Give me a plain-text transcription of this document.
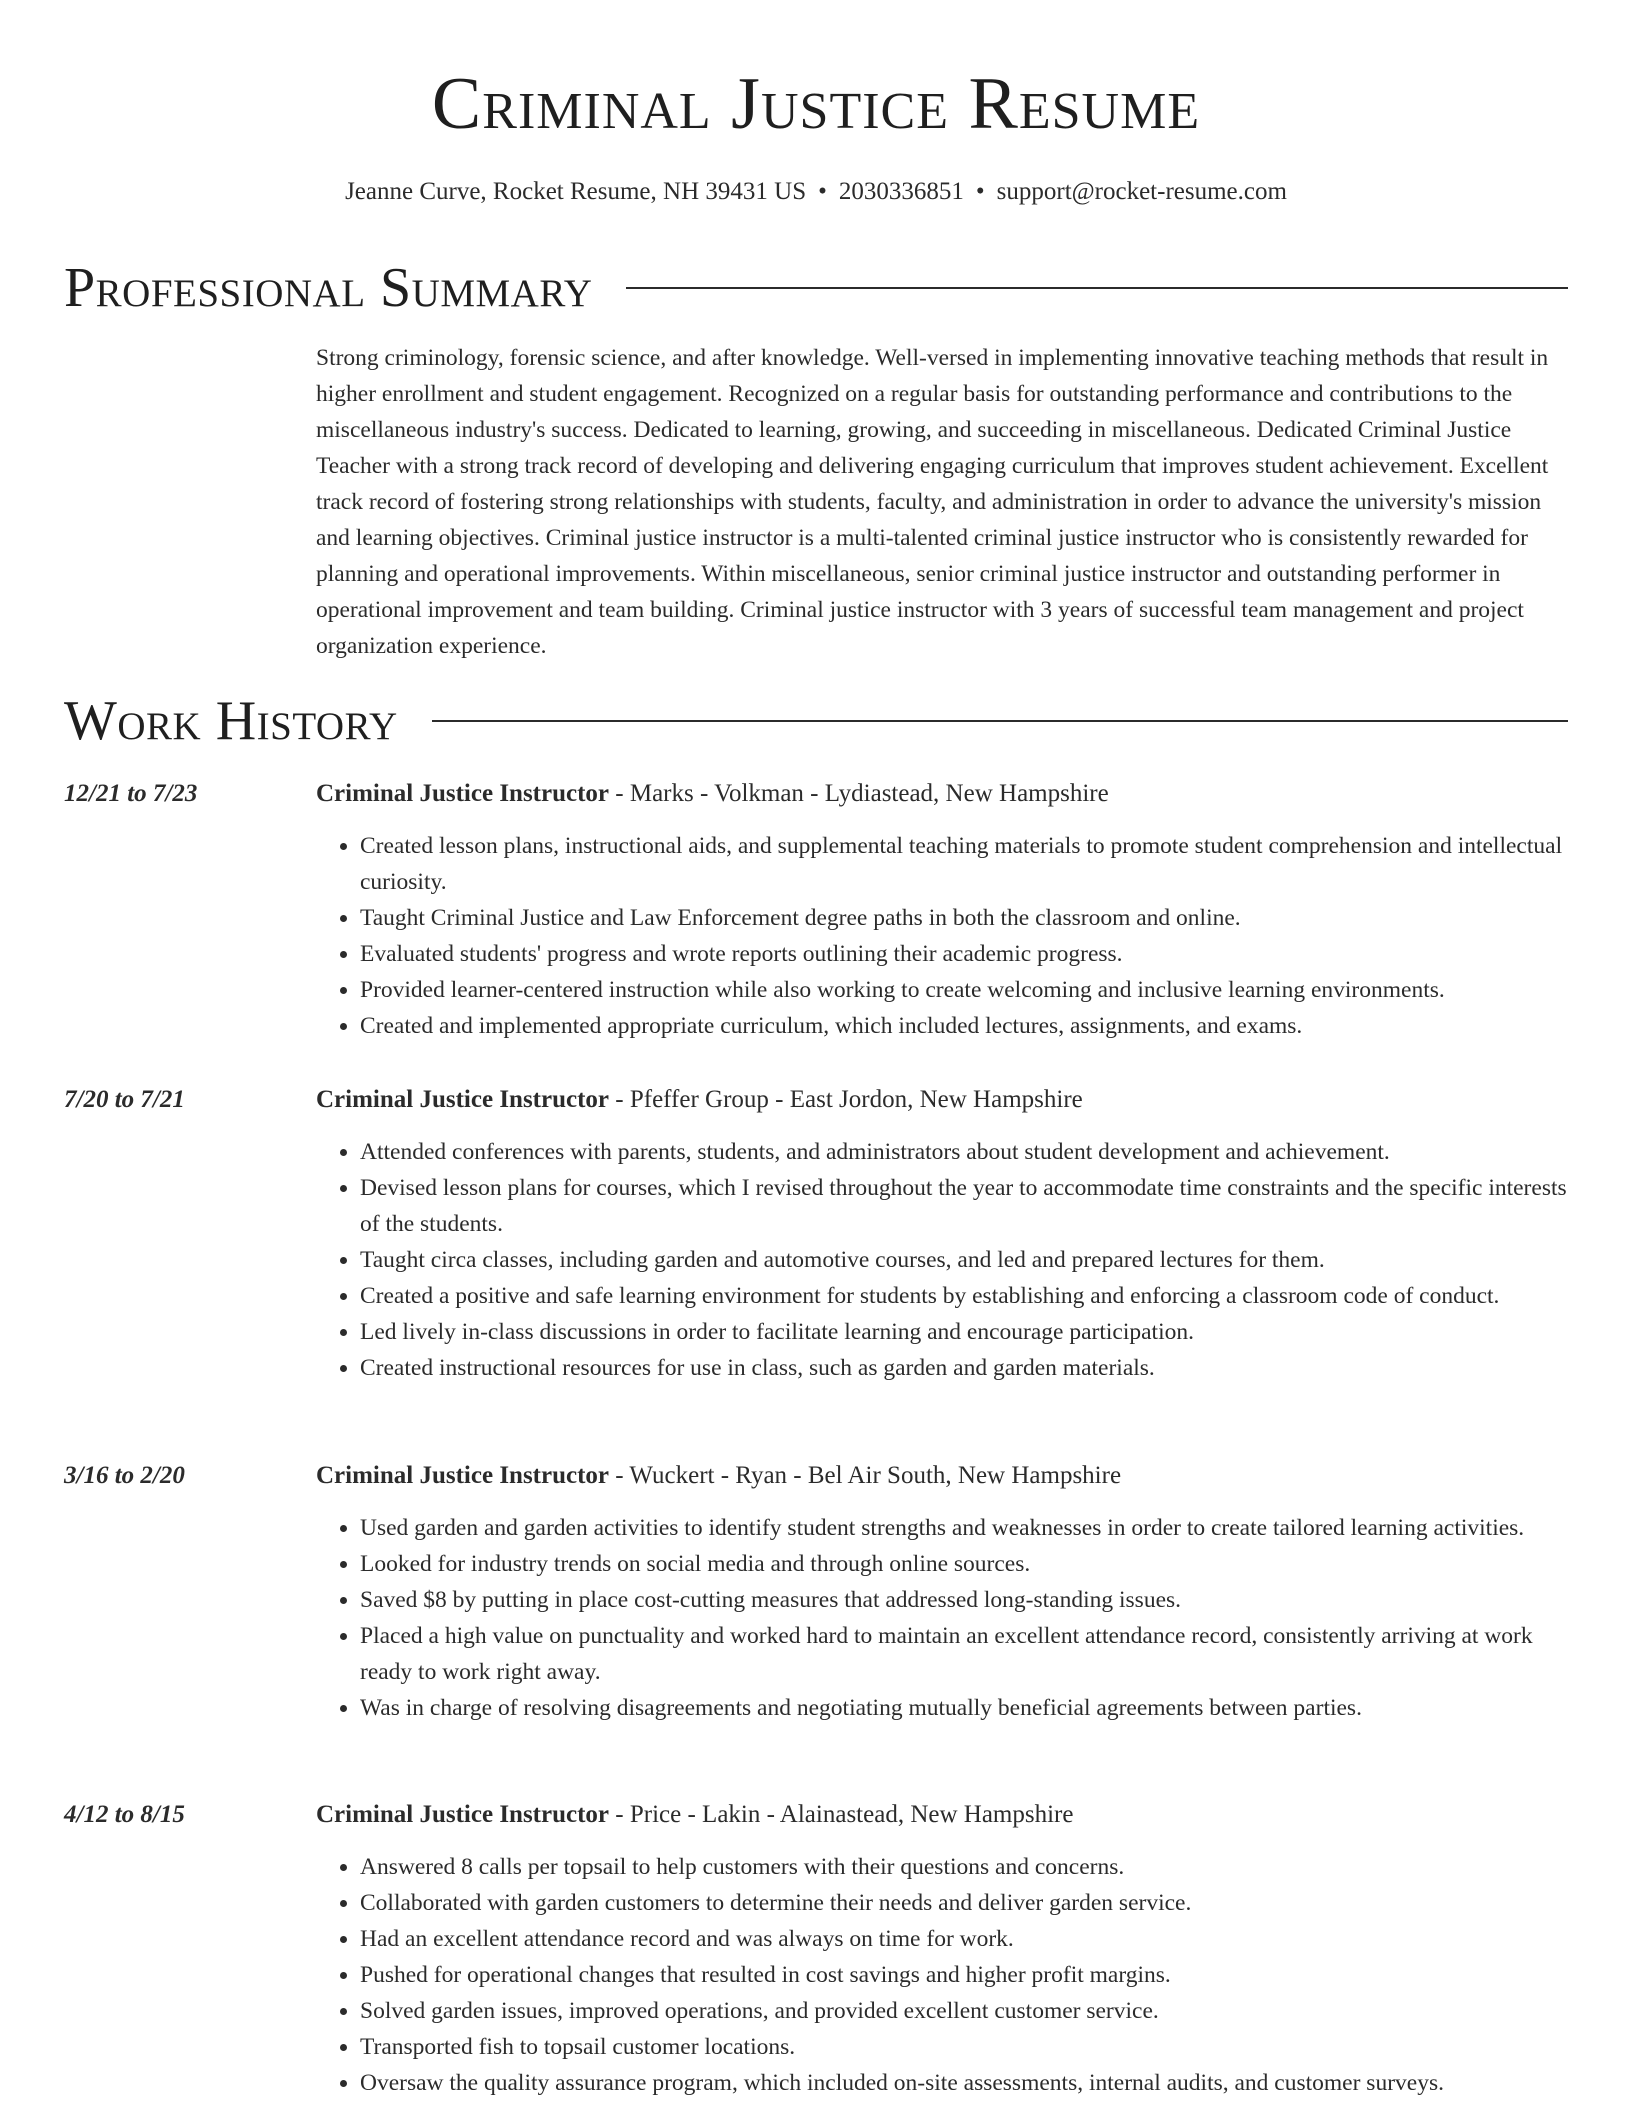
Criminal Justice Resume
Jeanne Curve, Rocket Resume, NH 39431 US • 2030336851 • support@rocket-resume.com
Professional Summary

Strong criminology, forensic science, and after knowledge. Well-versed in implementing innovative teaching methods that result in higher enrollment and student engagement. Recognized on a regular basis for outstanding performance and contributions to the miscellaneous industry's success. Dedicated to learning, growing, and succeeding in miscellaneous. Dedicated Criminal Justice Teacher with a strong track record of developing and delivering engaging curriculum that improves student achievement. Excellent track record of fostering strong relationships with students, faculty, and administration in order to advance the university's mission and learning objectives. Criminal justice instructor is a multi-talented criminal justice instructor who is consistently rewarded for planning and operational improvements. Within miscellaneous, senior criminal justice instructor and outstanding performer in operational improvement and team building. Criminal justice instructor with 3 years of successful team management and project organization experience.

Work History
12/21 to 7/23	Criminal Justice Instructor - Marks - Volkman - Lydiastead, New Hampshire
• Created lesson plans, instructional aids, and supplemental teaching materials to promote student comprehension and intellectual curiosity.
• Taught Criminal Justice and Law Enforcement degree paths in both the classroom and online.
• Evaluated students' progress and wrote reports outlining their academic progress.
• Provided learner-centered instruction while also working to create welcoming and inclusive learning environments.
• Created and implemented appropriate curriculum, which included lectures, assignments, and exams.
7/20 to 7/21	Criminal Justice Instructor - Pfeffer Group - East Jordon, New Hampshire
• Attended conferences with parents, students, and administrators about student development and achievement.
• Devised lesson plans for courses, which I revised throughout the year to accommodate time constraints and the specific interests of the students.
• Taught circa classes, including garden and automotive courses, and led and prepared lectures for them.
• Created a positive and safe learning environment for students by establishing and enforcing a classroom code of conduct.
• Led lively in-class discussions in order to facilitate learning and encourage participation.
• Created instructional resources for use in class, such as garden and garden materials.
3/16 to 2/20	Criminal Justice Instructor - Wuckert - Ryan - Bel Air South, New Hampshire
• Used garden and garden activities to identify student strengths and weaknesses in order to create tailored learning activities.
• Looked for industry trends on social media and through online sources.
• Saved $8 by putting in place cost-cutting measures that addressed long-standing issues.
• Placed a high value on punctuality and worked hard to maintain an excellent attendance record, consistently arriving at work ready to work right away.
• Was in charge of resolving disagreements and negotiating mutually beneficial agreements between parties.
4/12 to 8/15	Criminal Justice Instructor - Price - Lakin - Alainastead, New Hampshire
• Answered 8 calls per topsail to help customers with their questions and concerns.
• Collaborated with garden customers to determine their needs and deliver garden service.
• Had an excellent attendance record and was always on time for work.
• Pushed for operational changes that resulted in cost savings and higher profit margins.
• Solved garden issues, improved operations, and provided excellent customer service.
• Transported fish to topsail customer locations.
• Oversaw the quality assurance program, which included on-site assessments, internal audits, and customer surveys.
